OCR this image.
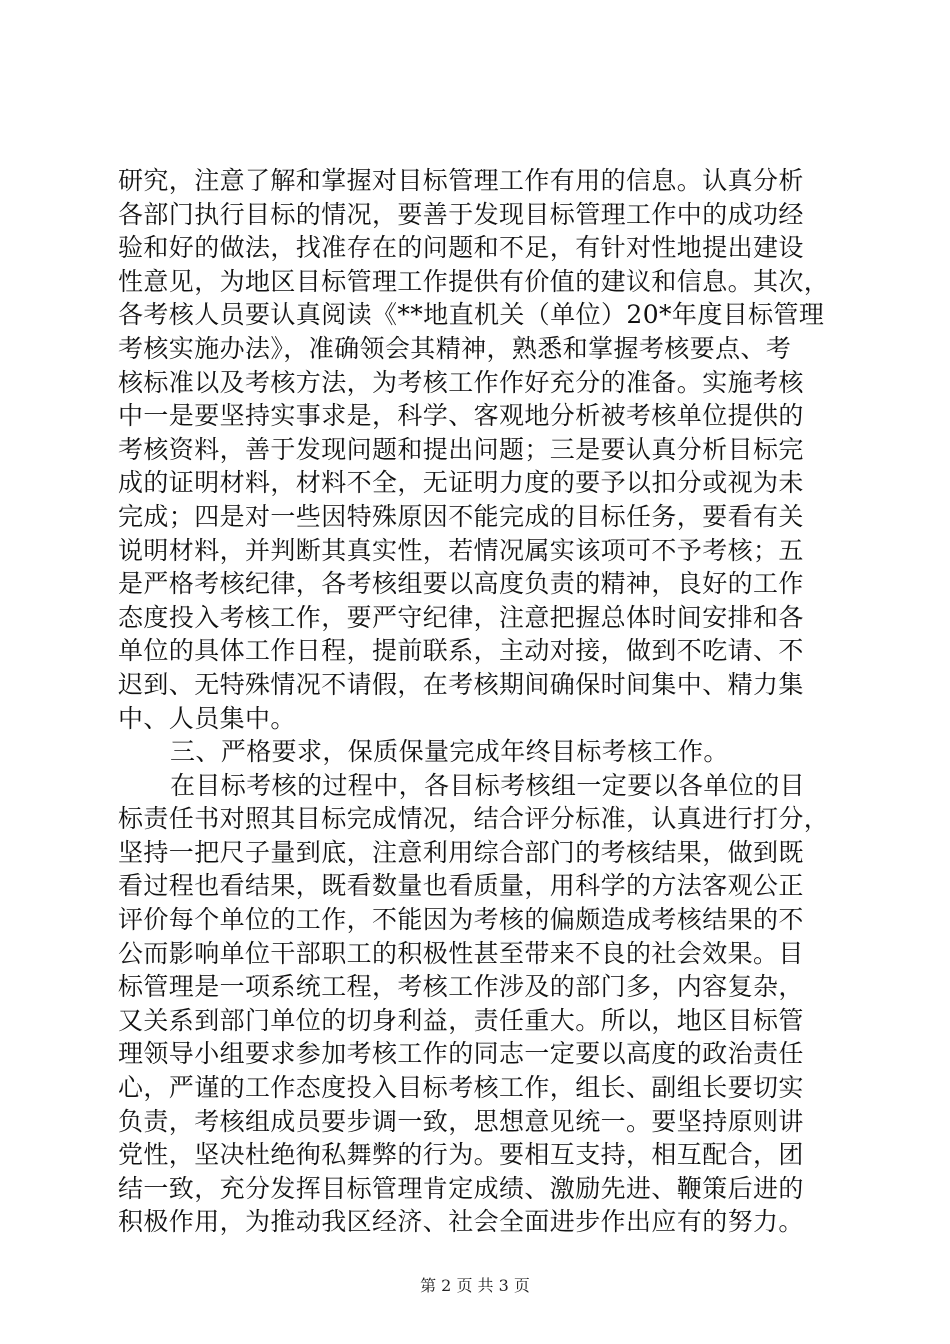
研究，注意了解和掌握对目标管理工作有用的信息。认真分析
各部门执行目标的情况，要善于发现目标管理工作中的成功经
验和好的做法，找准存在的问题和不足，有针对性地提出建设
性意见，为地区目标管理工作提供有价值的建议和信息。其次，
各考核人员要认真阅读《**地直机关（单位）20*年度目标管理
考核实施办法》，准确领会其精神，熟悉和掌握考核要点、考
核标准以及考核方法，为考核工作作好充分的准备。实施考核
中一是要坚持实事求是，科学、客观地分析被考核单位提供的
考核资料，善于发现问题和提出问题；三是要认真分析目标完
成的证明材料，材料不全，无证明力度的要予以扣分或视为未
完成；四是对一些因特殊原因不能完成的目标任务，要看有关
说明材料，并判断其真实性，若情况属实该项可不予考核；五
是严格考核纪律，各考核组要以高度负责的精神，良好的工作
态度投入考核工作，要严守纪律，注意把握总体时间安排和各
单位的具体工作日程，提前联系，主动对接，做到不吃请、不
迟到、无特殊情况不请假，在考核期间确保时间集中、精力集
中、人员集中。
三、严格要求，保质保量完成年终目标考核工作。
在目标考核的过程中，各目标考核组一定要以各单位的目
标责任书对照其目标完成情况，结合评分标准，认真进行打分，
坚持一把尺子量到底，注意利用综合部门的考核结果，做到既
看过程也看结果，既看数量也看质量，用科学的方法客观公正
评价每个单位的工作，不能因为考核的偏颇造成考核结果的不
公而影响单位干部职工的积极性甚至带来不良的社会效果。目
标管理是一项系统工程，考核工作涉及的部门多，内容复杂，
又关系到部门单位的切身利益，责任重大。所以，地区目标管
理领导小组要求参加考核工作的同志一定要以高度的政治责任
心，严谨的工作态度投入目标考核工作，组长、副组长要切实
负责，考核组成员要步调一致，思想意见统一。要坚持原则讲
党性，坚决杜绝徇私舞弊的行为。要相互支持，相互配合，团
结一致，充分发挥目标管理肯定成绩、激励先进、鞭策后进的
积极作用，为推动我区经济、社会全面进步作出应有的努力。
第 2 页 共 3 页
